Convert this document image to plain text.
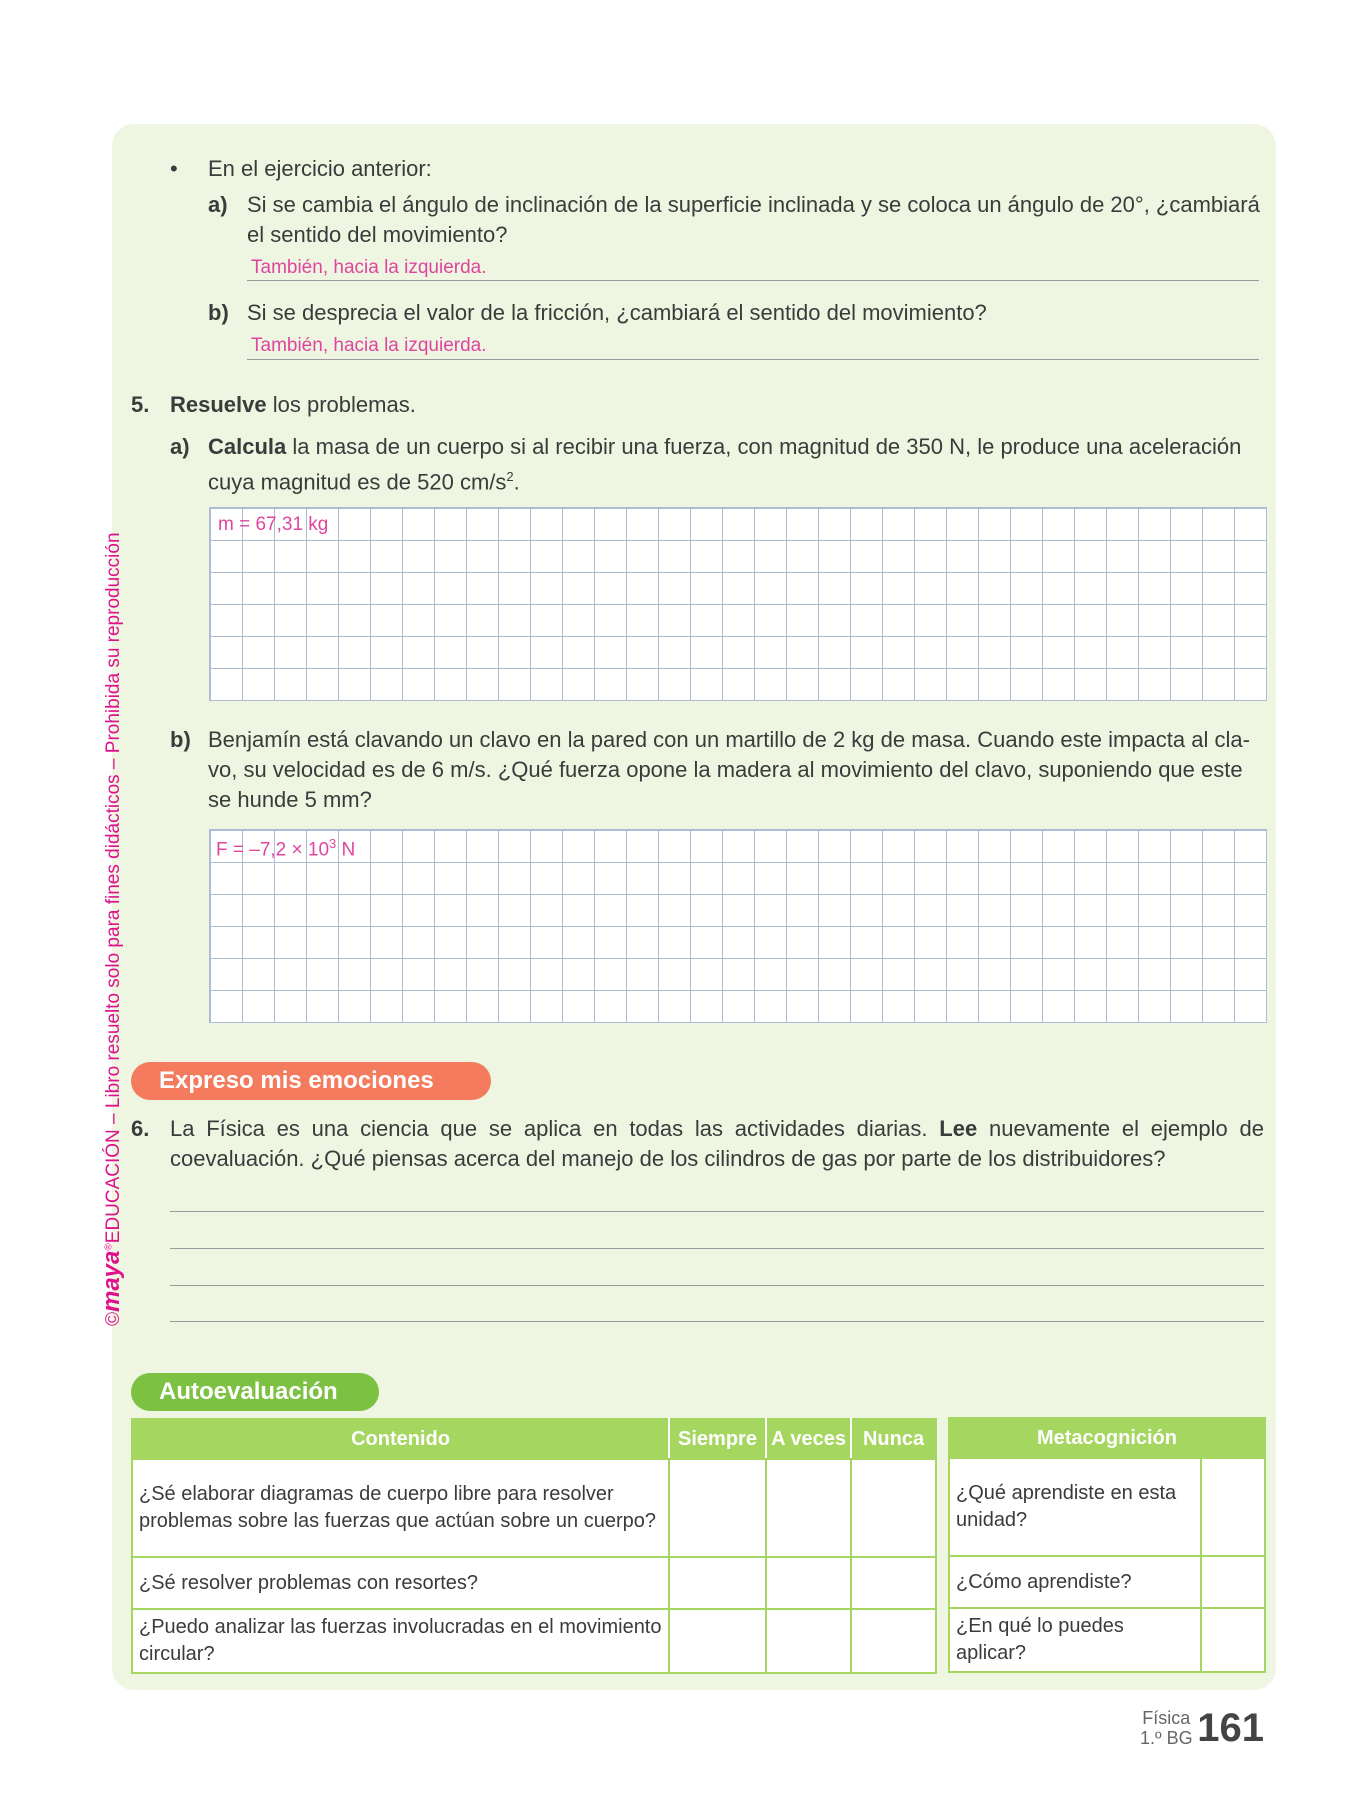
©maya®EDUCACIÓN – Libro resuelto solo para fines didácticos – Prohibida su reproducción
• En el ejercicio anterior:
a) Si se cambia el ángulo de inclinación de la superficie inclinada y se coloca un ángulo de 20°, ¿cambiará
el sentido del movimiento?
También, hacia la izquierda.
b) Si se desprecia el valor de la fricción, ¿cambiará el sentido del movimiento?
También, hacia la izquierda.
5. Resuelve los problemas.
a) Calcula la masa de un cuerpo si al recibir una fuerza, con magnitud de 350 N, le produce una aceleración
cuya magnitud es de 520 $cm/s^2$.
m = 67,31 kg
b) Benjamín está clavando un clavo en la pared con un martillo de 2 kg de masa. Cuando este impacta al cla-
vo, su velocidad es de 6 m/s. ¿Qué fuerza opone la madera al movimiento del clavo, suponiendo que este
se hunde 5 mm?
$F = -7,2 \times 10^3$ N
Expreso mis emociones
6. La Física es una ciencia que se aplica en todas las actividades diarias. Lee nuevamente el ejemplo de
coevaluación. ¿Qué piensas acerca del manejo de los cilindros de gas por parte de los distribuidores?
Autoevaluación
Contenido	Siempre	A veces	Nunca
¿Sé elaborar diagramas de cuerpo libre para resolver problemas sobre las fuerzas que actúan sobre un cuerpo?			
¿Sé resolver problemas con resortes?			
¿Puedo analizar las fuerzas involucradas en el movimiento circular?			
Metacognición	
¿Qué aprendiste en esta unidad?	
¿Cómo aprendiste?	
¿En qué lo puedes aplicar?	
Física
1.º BG 161
